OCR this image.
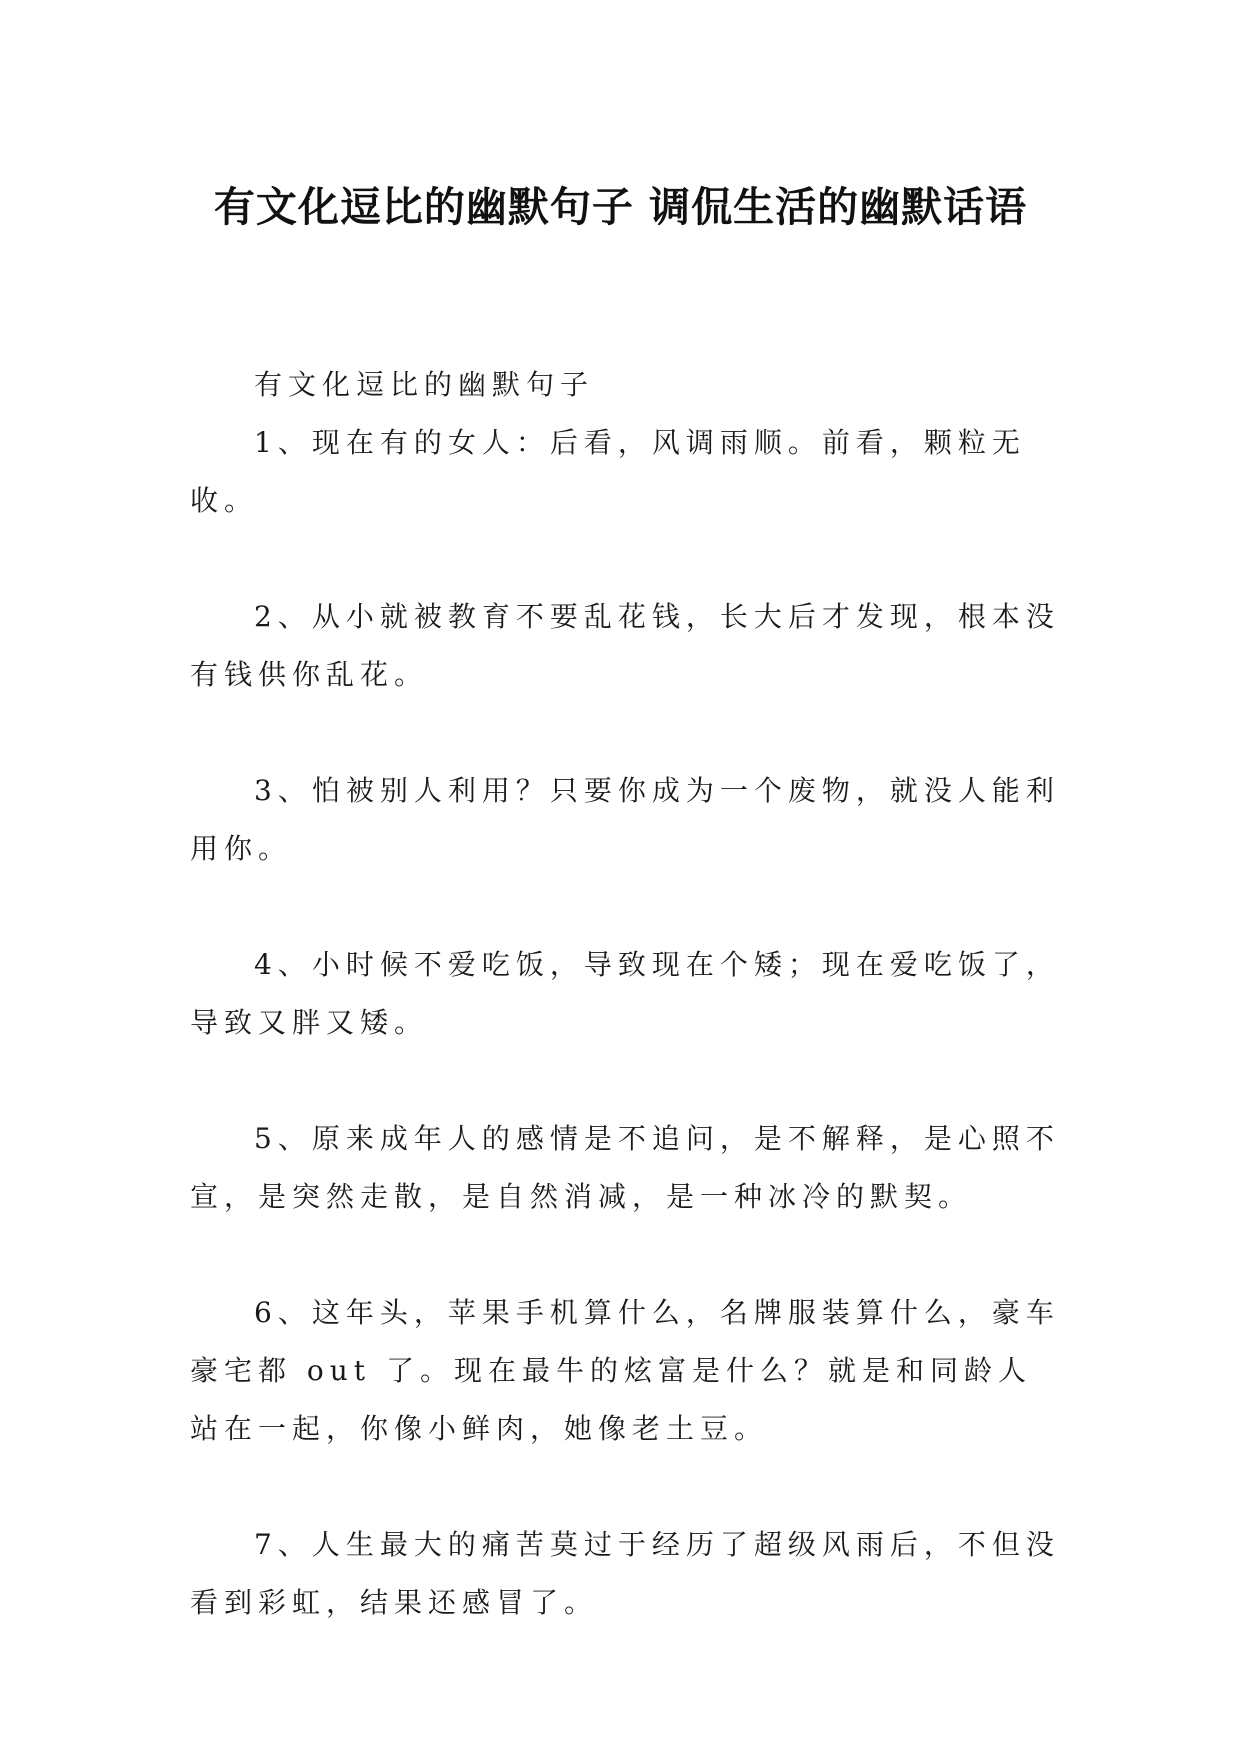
有文化逗比的幽默句子 调侃生活的幽默话语

有文化逗比的幽默句子

1、现在有的女人：后看，风调雨顺。前看，颗粒无收。

2、从小就被教育不要乱花钱，长大后才发现，根本没有钱供你乱花。

3、怕被别人利用？只要你成为一个废物，就没人能利用你。

4、小时候不爱吃饭，导致现在个矮；现在爱吃饭了，导致又胖又矮。

5、原来成年人的感情是不追问，是不解释，是心照不宣，是突然走散，是自然消减，是一种冰冷的默契。

6、这年头，苹果手机算什么，名牌服装算什么，豪车豪宅都 out 了。现在最牛的炫富是什么？就是和同龄人站在一起，你像小鲜肉，她像老土豆。

7、人生最大的痛苦莫过于经历了超级风雨后，不但没看到彩虹，结果还感冒了。
